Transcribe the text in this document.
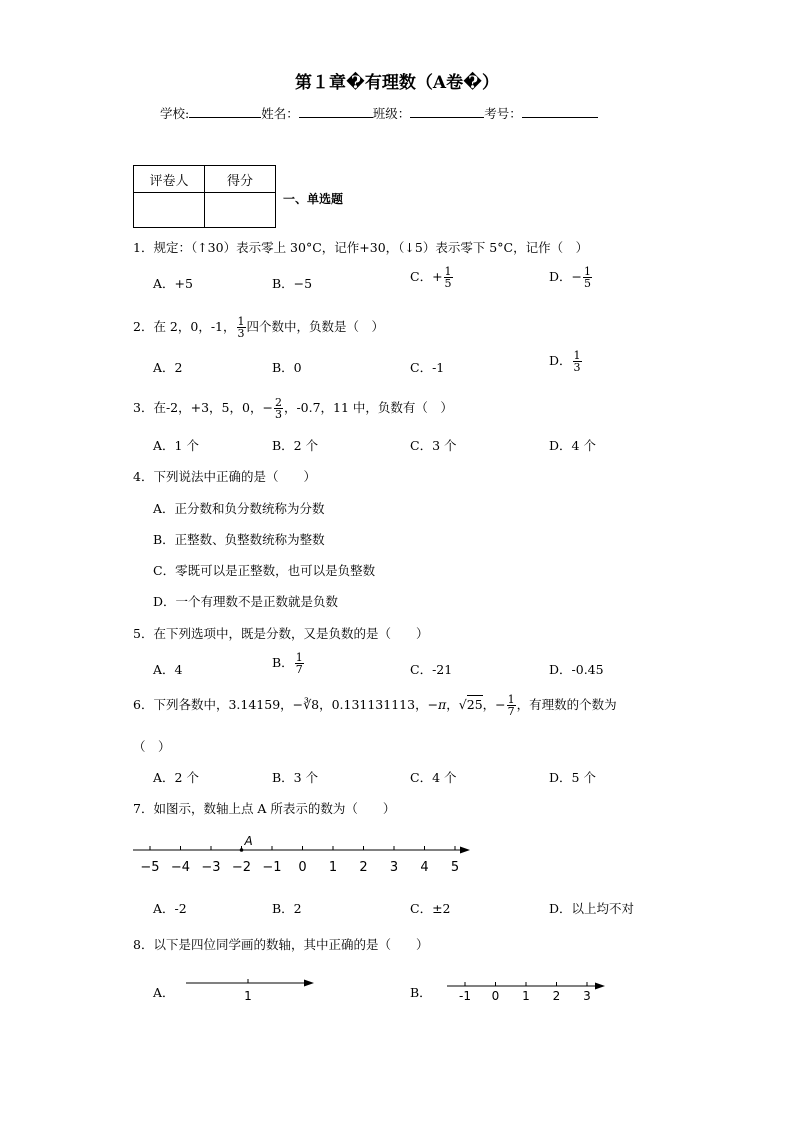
第１章�有理数（A卷�）
学校:	姓名：	班级：	考号：
评卷人	得分

一、单选题
1．规定：（↑30）表示零上 30°C，记作+30，（↓5）表示零下 5°C，记作（　）
A．+5	B．−5	C．+ $\frac{1}{5}$	D．− $\frac{1}{5}$
2．在 2，0，-1， $\frac{1}{3}$ 四个数中，负数是（　）
A．2	B．0	C．-1	D． $\frac{1}{3}$
3．在-2，+3，5，0，− $\frac{2}{3}$ ，-0.7，11 中，负数有（　）
A．1 个	B．2 个	C．3 个	D．4 个
4．下列说法中正确的是（　　）
A．正分数和负分数统称为分数
B．正整数、负整数统称为整数
C．零既可以是正整数，也可以是负整数
D．一个有理数不是正数就是负数
5．在下列选项中，既是分数，又是负数的是（　　）
A．4	B． $\frac{1}{7}$	C．-21	D．-0.45
6．下列各数中，3.14159，−∛8，0.131131113，−π，√25，− $\frac{1}{7}$ ，有理数的个数为
（　）
A．2 个	B．3 个	C．4 个	D．5 个
7．如图示，数轴上点 A 所表示的数为（　　）
−5 −4 −3 −2 −1 0 1 2 3 4 5
A
A．-2	B．2	C．±2	D．以上均不对
8．以下是四位同学画的数轴，其中正确的是（　　）
A．	1	B． -1 0 1 2 3
